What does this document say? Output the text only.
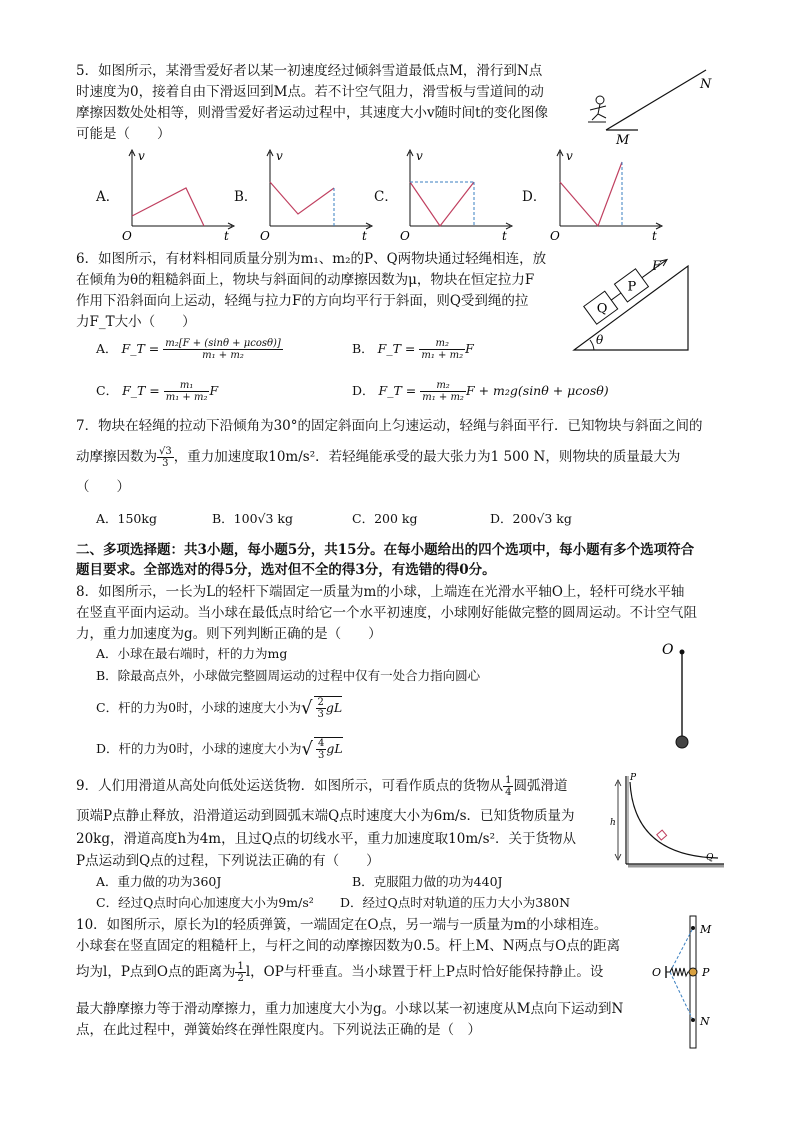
5．如图所示，某滑雪爱好者以某一初速度经过倾斜雪道最低点M，滑行到N点
时速度为0，接着自由下滑返回到M点。若不计空气阻力，滑雪板与雪道间的动
摩擦因数处处相等，则滑雪爱好者运动过程中，其速度大小v随时间t的变化图像
可能是（　　）
N
M
A．
v
O	t
B．
v
O	t
C．
v
O	t
D．
v
O	t
6．如图所示，有材料相同质量分别为m₁、m₂的P、Q两物块通过轻绳相连，放
在倾角为θ的粗糙斜面上，物块与斜面间的动摩擦因数为μ，物块在恒定拉力F
作用下沿斜面向上运动，轻绳与拉力F的方向均平行于斜面，则Q受到绳的拉
力F_T大小（　　）
Q
P
F
θ
A． F_T = $\frac{\text{m₂[F + (sinθ + μcosθ)]}}{\text{m₁ + m₂}}$	B． F_T = $\frac{\text{m₂}}{\text{m₁ + m₂}}$ F
C． F_T = $\frac{\text{m₁}}{\text{m₁ + m₂}}$ F	D． F_T = $\frac{\text{m₂}}{\text{m₁ + m₂}}$ F + m₂g(sinθ + μcosθ)
7．物块在轻绳的拉动下沿倾角为30°的固定斜面向上匀速运动，轻绳与斜面平行．已知物块与斜面之间的
动摩擦因数为 $\frac{√3}{3}$ ，重力加速度取10m/s²．若轻绳能承受的最大张力为1 500 N，则物块的质量最大为
（　　）
A．150kg	B．100√3 kg	C．200 kg	D．200√3 kg
二、多项选择题：共3小题，每小题5分，共15分。在每小题给出的四个选项中，每小题有多个选项符合
题目要求。全部选对的得5分，选对但不全的得3分，有选错的得0分。
8．如图所示，一长为L的轻杆下端固定一质量为m的小球，上端连在光滑水平轴O上，轻杆可绕水平轴
在竖直平面内运动。当小球在最低点时给它一个水平初速度，小球刚好能做完整的圆周运动。不计空气阻
力，重力加速度为g。则下列判断正确的是（　　）
A．小球在最右端时，杆的力为mg
B．除最高点外，小球做完整圆周运动的过程中仅有一处合力指向圆心
C．杆的力为0时，小球的速度大小为√ $\frac{2}{3}$ gL
D．杆的力为0时，小球的速度大小为√ $\frac{4}{3}$ gL
O
9．人们用滑道从高处向低处运送货物．如图所示，可看作质点的货物从 $\frac{1}{4}$ 圆弧滑道
顶端P点静止释放，沿滑道运动到圆弧末端Q点时速度大小为6m/s．已知货物质量为
20kg，滑道高度h为4m，且过Q点的切线水平，重力加速度取10m/s²．关于货物从
P点运动到Q点的过程，下列说法正确的有（　　）
A．重力做的功为360J	B．克服阻力做的功为440J
C．经过Q点时向心加速度大小为9m/s² D．经过Q点时对轨道的压力大小为380N
P
h
Q
10．如图所示，原长为l的轻质弹簧，一端固定在O点，另一端与一质量为m的小球相连。
小球套在竖直固定的粗糙杆上，与杆之间的动摩擦因数为0.5。杆上M、N两点与O点的距离
均为l，P点到O点的距离为 $\frac{1}{2}$ l，OP与杆垂直。当小球置于杆上P点时恰好能保持静止。设
最大静摩擦力等于滑动摩擦力，重力加速度大小为g。小球以某一初速度从M点向下运动到N
点，在此过程中，弹簧始终在弹性限度内。下列说法正确的是（　）
M
O	P
N
